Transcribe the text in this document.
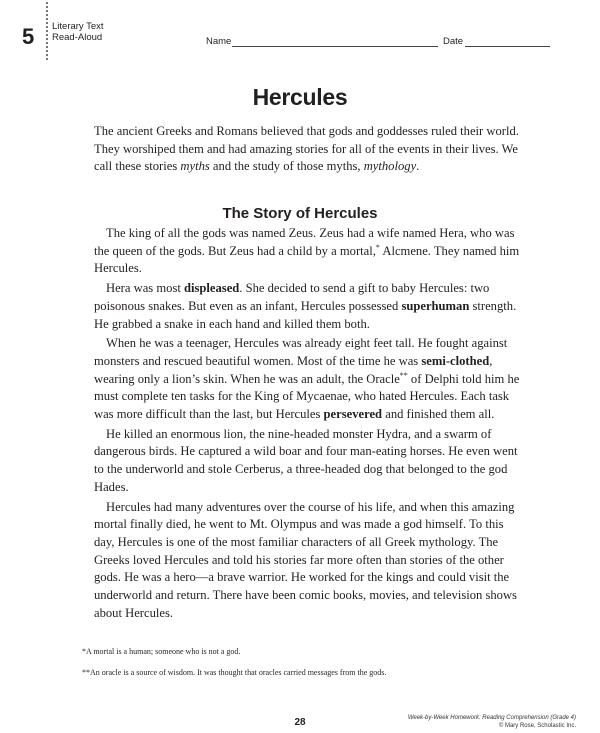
5 Literary Text
Read-Aloud	Name	Date
Hercules

The ancient Greeks and Romans believed that gods and goddesses ruled their world. They worshiped them and had amazing stories for all of the events in their lives. We call these stories myths and the study of those myths, mythology.

The Story of Hercules

The king of all the gods was named Zeus. Zeus had a wife named Hera, who was the queen of the gods. But Zeus had a child by a mortal,* Alcmene. They named him Hercules.

Hera was most displeased. She decided to send a gift to baby Hercules: two poisonous snakes. But even as an infant, Hercules possessed superhuman strength. He grabbed a snake in each hand and killed them both.

When he was a teenager, Hercules was already eight feet tall. He fought against monsters and rescued beautiful women. Most of the time he was semi-clothed, wearing only a lion’s skin. When he was an adult, the Oracle** of Delphi told him he must complete ten tasks for the King of Mycaenae, who hated Hercules. Each task was more difficult than the last, but Hercules persevered and finished them all.

He killed an enormous lion, the nine-headed monster Hydra, and a swarm of dangerous birds. He captured a wild boar and four man-eating horses. He even went to the underworld and stole Cerberus, a three-headed dog that belonged to the god Hades.

Hercules had many adventures over the course of his life, and when this amazing mortal finally died, he went to Mt. Olympus and was made a god himself. To this day, Hercules is one of the most familiar characters of all Greek mythology. The Greeks loved Hercules and told his stories far more often than stories of the other gods. He was a hero—a brave warrior. He worked for the kings and could visit the underworld and return. There have been comic books, movies, and television shows about Hercules.

*A mortal is a human; someone who is not a god.

**An oracle is a source of wisdom. It was thought that oracles carried messages from the gods.

28	Week-by-Week Homework: Reading Comprehension (Grade 4)
© Mary Rose, Scholastic Inc.
